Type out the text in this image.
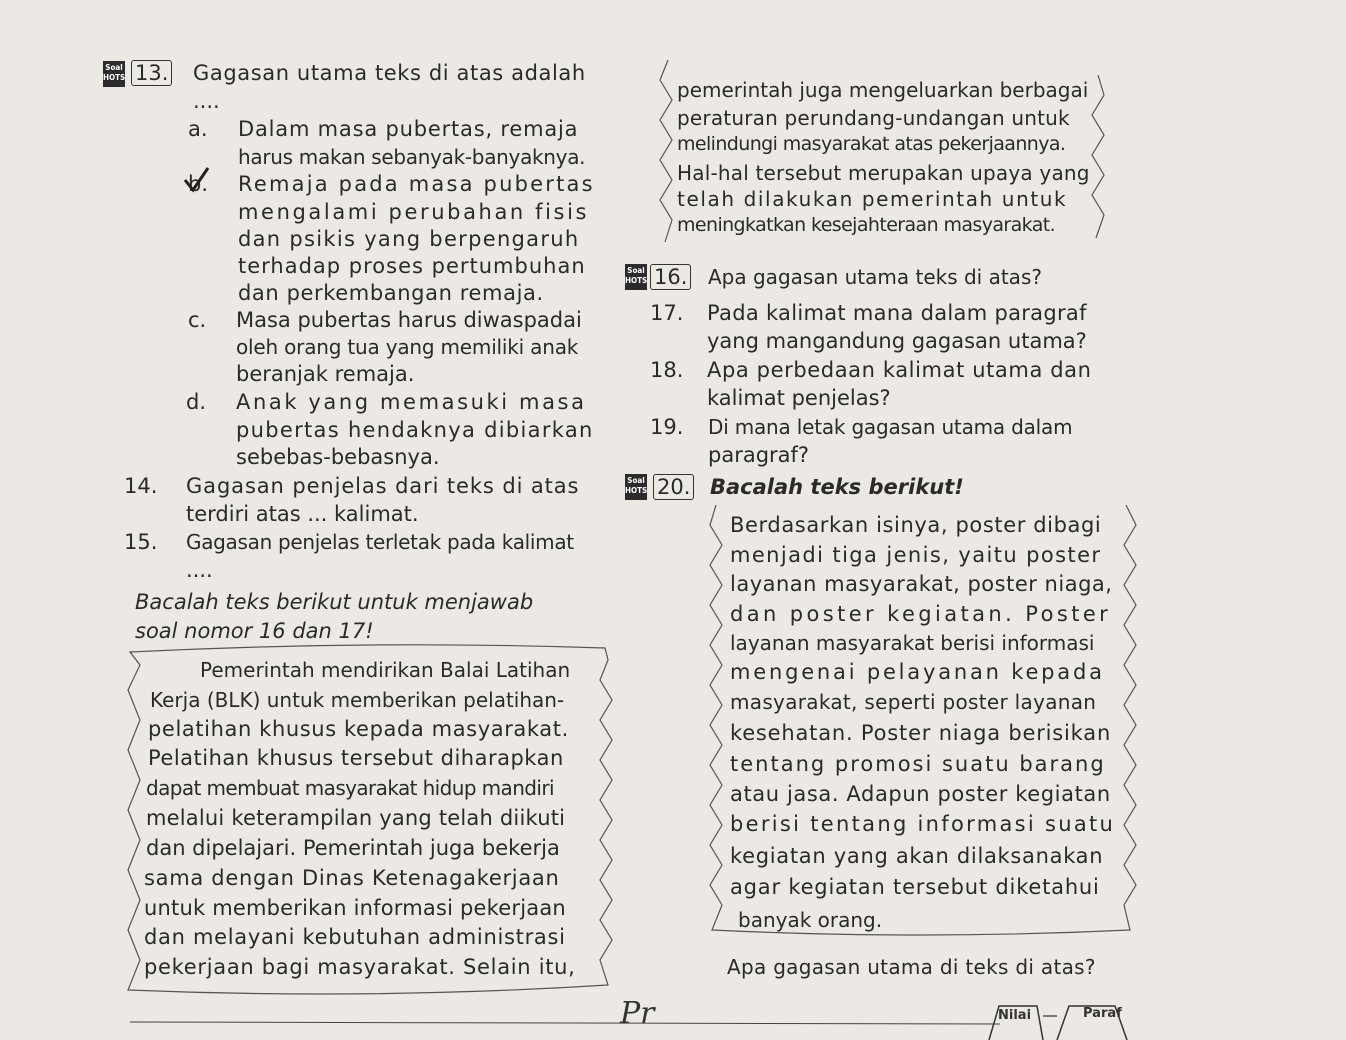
Soal
HOTS 13. Gagasan utama teks di atas adalah
....
a. Dalam masa pubertas, remaja
harus makan sebanyak-banyaknya.
b. Remaja pada masa pubertas
mengalami perubahan fisis
dan psikis yang berpengaruh
terhadap proses pertumbuhan
dan perkembangan remaja.
c. Masa pubertas harus diwaspadai
oleh orang tua yang memiliki anak
beranjak remaja.
d. Anak yang memasuki masa
pubertas hendaknya dibiarkan
sebebas-bebasnya.
14. Gagasan penjelas dari teks di atas
terdiri atas ... kalimat.
15. Gagasan penjelas terletak pada kalimat
....
Bacalah teks berikut untuk menjawab
soal nomor 16 dan 17!
Pemerintah mendirikan Balai Latihan
Kerja (BLK) untuk memberikan pelatihan-
pelatihan khusus kepada masyarakat.
Pelatihan khusus tersebut diharapkan
dapat membuat masyarakat hidup mandiri
melalui keterampilan yang telah diikuti
dan dipelajari. Pemerintah juga bekerja
sama dengan Dinas Ketenagakerjaan
untuk memberikan informasi pekerjaan
dan melayani kebutuhan administrasi
pekerjaan bagi masyarakat. Selain itu,
pemerintah juga mengeluarkan berbagai
peraturan perundang-undangan untuk
melindungi masyarakat atas pekerjaannya.
Hal-hal tersebut merupakan upaya yang
telah dilakukan pemerintah untuk
meningkatkan kesejahteraan masyarakat.
Soal
HOTS 16. Apa gagasan utama teks di atas?
17. Pada kalimat mana dalam paragraf
yang mangandung gagasan utama?
18. Apa perbedaan kalimat utama dan
kalimat penjelas?
19. Di mana letak gagasan utama dalam
paragraf?
Soal
HOTS 20. Bacalah teks berikut!
Berdasarkan isinya, poster dibagi
menjadi tiga jenis, yaitu poster
layanan masyarakat, poster niaga,
dan poster kegiatan. Poster
layanan masyarakat berisi informasi
mengenai pelayanan kepada
masyarakat, seperti poster layanan
kesehatan. Poster niaga berisikan
tentang promosi suatu barang
atau jasa. Adapun poster kegiatan
berisi tentang informasi suatu
kegiatan yang akan dilaksanakan
agar kegiatan tersebut diketahui
banyak orang.
Apa gagasan utama di teks di atas?
Pr	Nilai	Paraf
